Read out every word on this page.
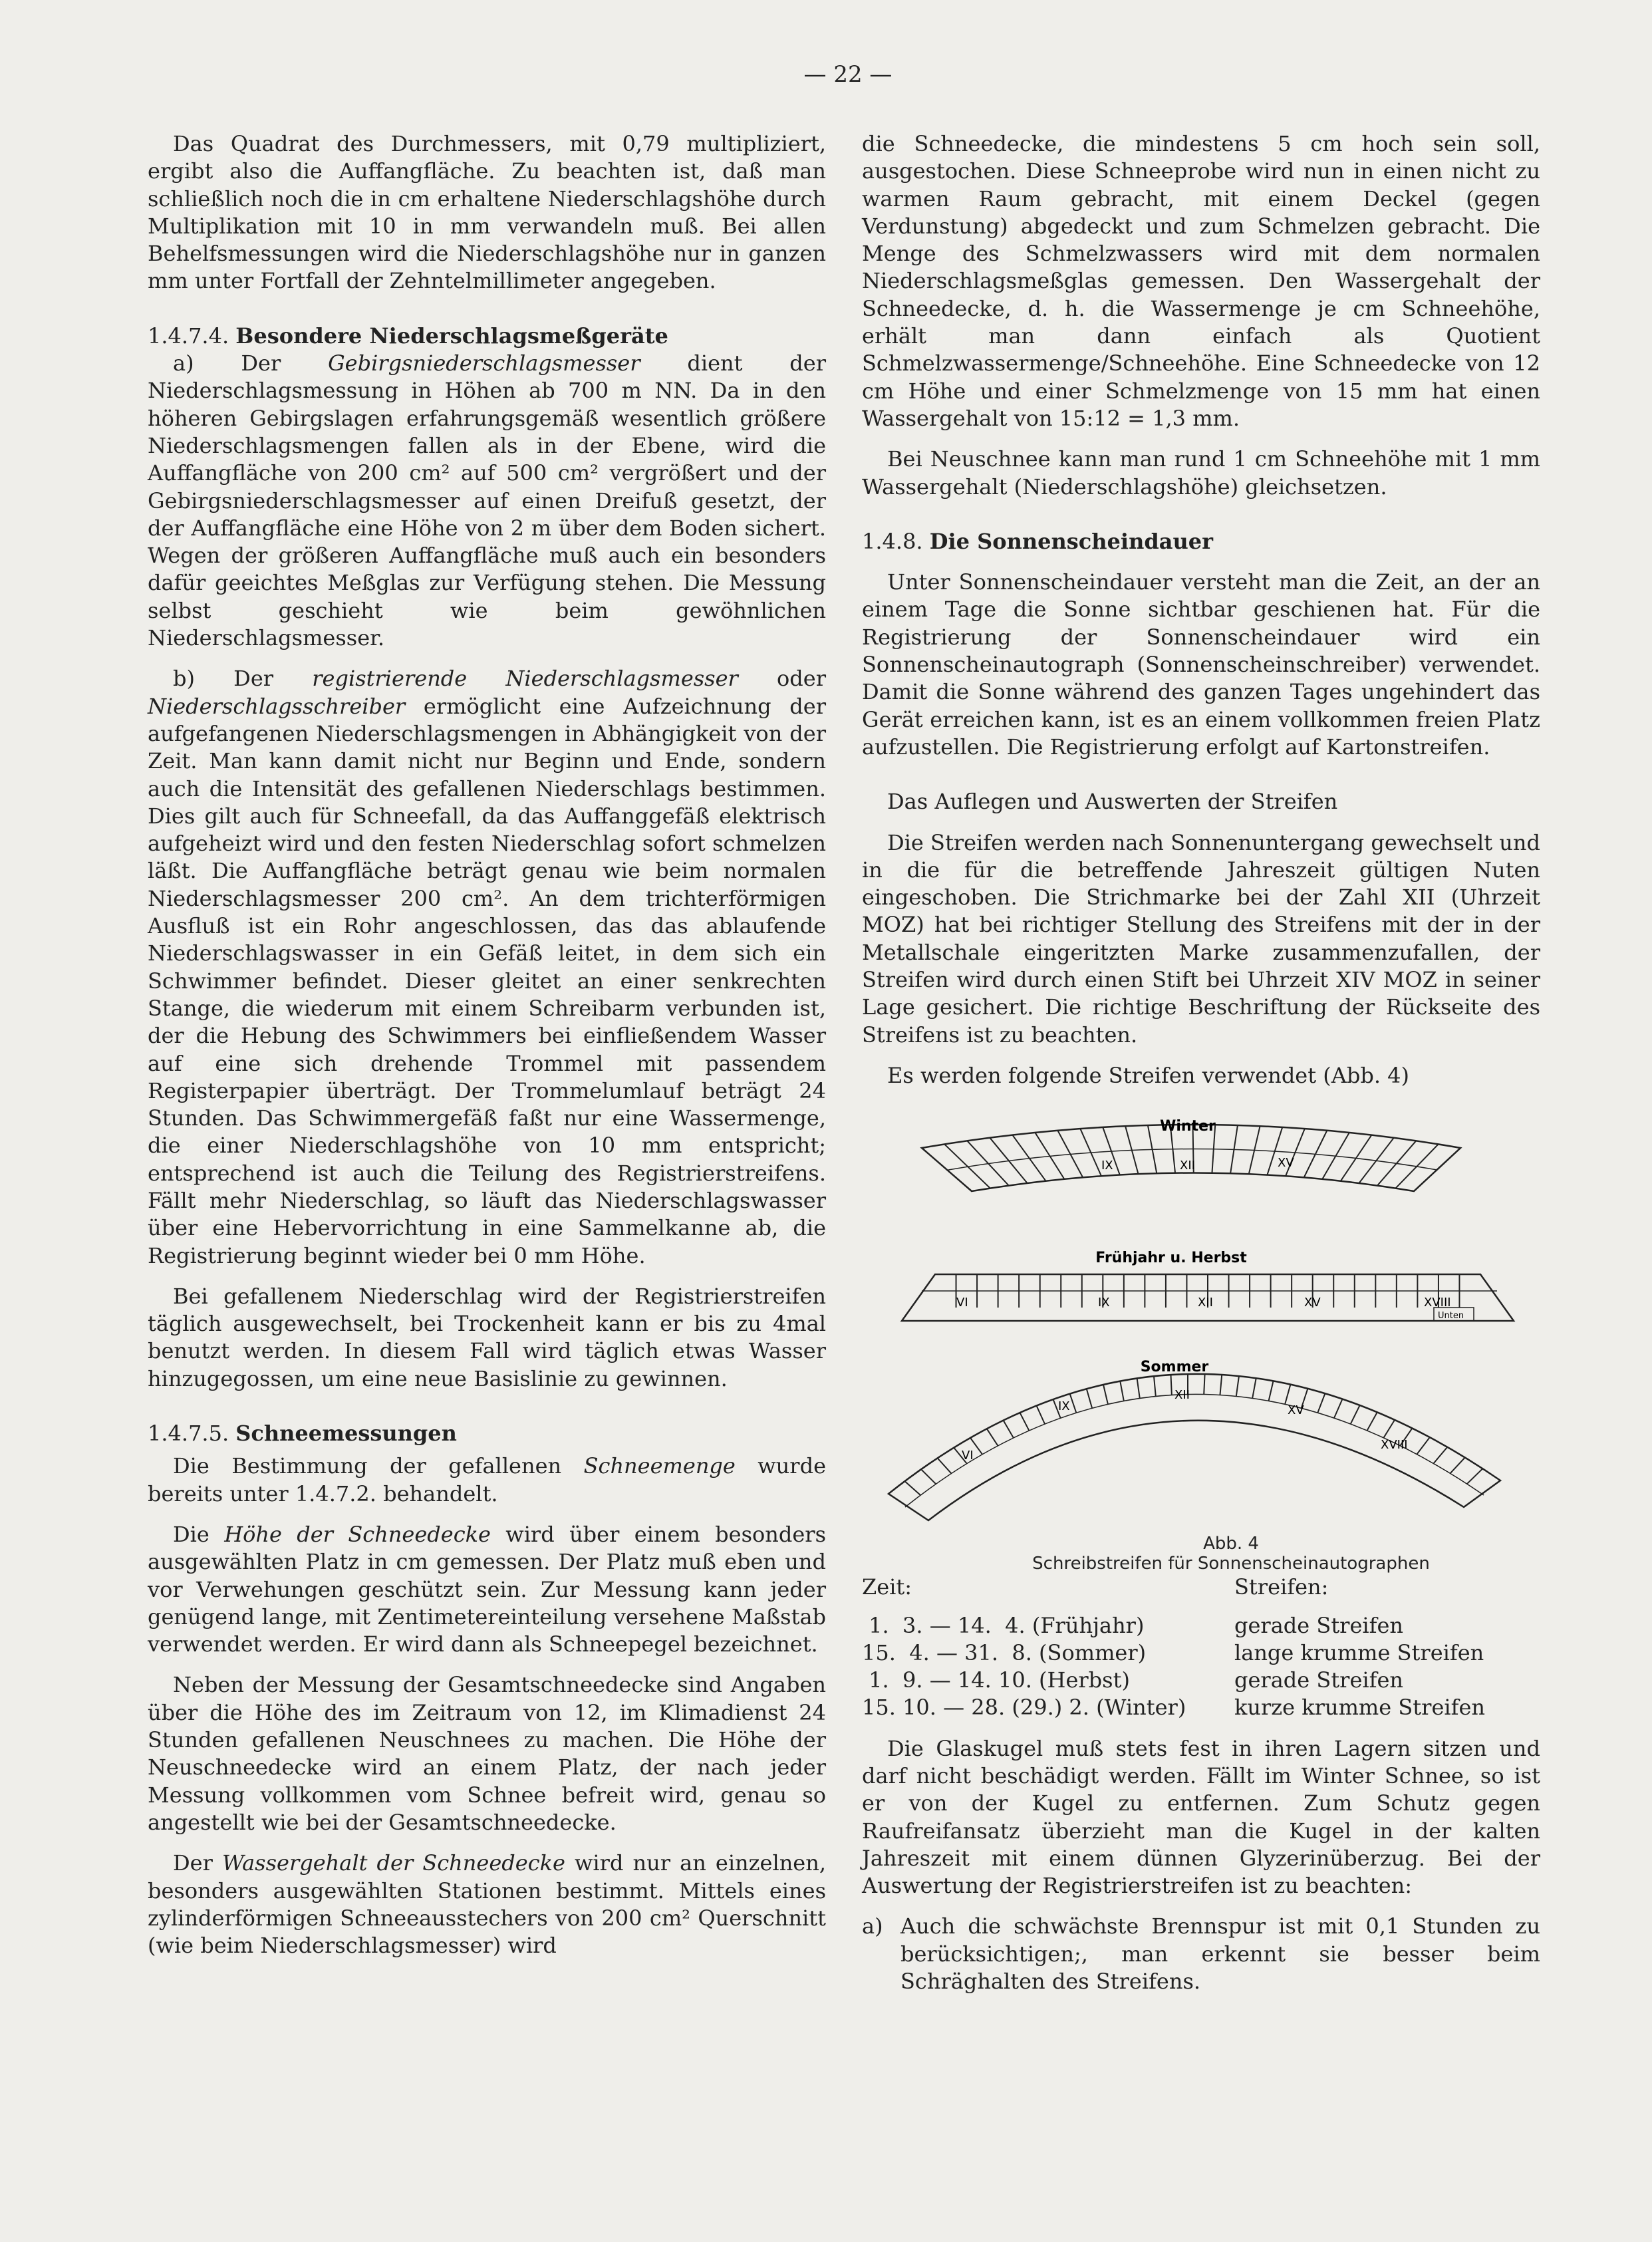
— 22 —

Das Quadrat des Durchmessers, mit 0,79 multipliziert, ergibt also die Auffangfläche. Zu beachten ist, daß man schließlich noch die in cm erhaltene Niederschlagshöhe durch Multiplikation mit 10 in mm verwandeln muß. Bei allen Behelfsmessungen wird die Niederschlagshöhe nur in ganzen mm unter Fortfall der Zehntelmillimeter angegeben.

1.4.7.4. Besondere Niederschlagsmeßgeräte

a) Der Gebirgsniederschlagsmesser dient der Niederschlagsmessung in Höhen ab 700 m NN. Da in den höheren Gebirgslagen erfahrungsgemäß wesentlich größere Niederschlagsmengen fallen als in der Ebene, wird die Auffangfläche von 200 cm² auf 500 cm² vergrößert und der Gebirgsniederschlagsmesser auf einen Dreifuß gesetzt, der der Auffangfläche eine Höhe von 2 m über dem Boden sichert. Wegen der größeren Auffangfläche muß auch ein besonders dafür geeichtes Meßglas zur Verfügung stehen. Die Messung selbst geschieht wie beim gewöhnlichen Niederschlagsmesser.

b) Der registrierende Niederschlagsmesser oder Niederschlagsschreiber ermöglicht eine Aufzeichnung der aufgefangenen Niederschlagsmengen in Abhängigkeit von der Zeit. Man kann damit nicht nur Beginn und Ende, sondern auch die Intensität des gefallenen Niederschlags bestimmen. Dies gilt auch für Schneefall, da das Auffanggefäß elektrisch aufgeheizt wird und den festen Niederschlag sofort schmelzen läßt. Die Auffangfläche beträgt genau wie beim normalen Niederschlagsmesser 200 cm². An dem trichterförmigen Ausfluß ist ein Rohr angeschlossen, das das ablaufende Niederschlagswasser in ein Gefäß leitet, in dem sich ein Schwimmer befindet. Dieser gleitet an einer senkrechten Stange, die wiederum mit einem Schreibarm verbunden ist, der die Hebung des Schwimmers bei einfließendem Wasser auf eine sich drehende Trommel mit passendem Registerpapier überträgt. Der Trommelumlauf beträgt 24 Stunden. Das Schwimmergefäß faßt nur eine Wassermenge, die einer Niederschlagshöhe von 10 mm entspricht; entsprechend ist auch die Teilung des Registrierstreifens. Fällt mehr Niederschlag, so läuft das Niederschlagswasser über eine Hebervorrichtung in eine Sammelkanne ab, die Registrierung beginnt wieder bei 0 mm Höhe.

Bei gefallenem Niederschlag wird der Registrierstreifen täglich ausgewechselt, bei Trockenheit kann er bis zu 4mal benutzt werden. In diesem Fall wird täglich etwas Wasser hinzugegossen, um eine neue Basislinie zu gewinnen.

1.4.7.5. Schneemessungen

Die Bestimmung der gefallenen Schneemenge wurde bereits unter 1.4.7.2. behandelt.

Die Höhe der Schneedecke wird über einem besonders ausgewählten Platz in cm gemessen. Der Platz muß eben und vor Verwehungen geschützt sein. Zur Messung kann jeder genügend lange, mit Zentimetereinteilung versehene Maßstab verwendet werden. Er wird dann als Schneepegel bezeichnet.

Neben der Messung der Gesamtschneedecke sind Angaben über die Höhe des im Zeitraum von 12, im Klimadienst 24 Stunden gefallenen Neuschnees zu machen. Die Höhe der Neuschneedecke wird an einem Platz, der nach jeder Messung vollkommen vom Schnee befreit wird, genau so angestellt wie bei der Gesamtschneedecke.

Der Wassergehalt der Schneedecke wird nur an einzelnen, besonders ausgewählten Stationen bestimmt. Mittels eines zylinderförmigen Schneeausstechers von 200 cm² Querschnitt (wie beim Niederschlagsmesser) wird

die Schneedecke, die mindestens 5 cm hoch sein soll, ausgestochen. Diese Schneeprobe wird nun in einen nicht zu warmen Raum gebracht, mit einem Deckel (gegen Verdunstung) abgedeckt und zum Schmelzen gebracht. Die Menge des Schmelzwassers wird mit dem normalen Niederschlagsmeßglas gemessen. Den Wassergehalt der Schneedecke, d. h. die Wassermenge je cm Schneehöhe, erhält man dann einfach als Quotient Schmelzwassermenge/Schneehöhe. Eine Schneedecke von 12 cm Höhe und einer Schmelzmenge von 15 mm hat einen Wassergehalt von 15:12 = 1,3 mm.

Bei Neuschnee kann man rund 1 cm Schneehöhe mit 1 mm Wassergehalt (Niederschlagshöhe) gleichsetzen.

1.4.8. Die Sonnenscheindauer

Unter Sonnenscheindauer versteht man die Zeit, an der an einem Tage die Sonne sichtbar geschienen hat. Für die Registrierung der Sonnenscheindauer wird ein Sonnenscheinautograph (Sonnenscheinschreiber) verwendet. Damit die Sonne während des ganzen Tages ungehindert das Gerät erreichen kann, ist es an einem vollkommen freien Platz aufzustellen. Die Registrierung erfolgt auf Kartonstreifen.

Das Auflegen und Auswerten der Streifen

Die Streifen werden nach Sonnenuntergang gewechselt und in die für die betreffende Jahreszeit gültigen Nuten eingeschoben. Die Strichmarke bei der Zahl XII (Uhrzeit MOZ) hat bei richtiger Stellung des Streifens mit der in der Metallschale eingeritzten Marke zusammenzufallen, der Streifen wird durch einen Stift bei Uhrzeit XIV MOZ in seiner Lage gesichert. Die richtige Beschriftung der Rückseite des Streifens ist zu beachten.

Es werden folgende Streifen verwendet (Abb. 4)

Winter
IX	XII	XV
Frühjahr u. Herbst
VI	IX	XII	XV	XVIII
Unten
Sommer
VI
IX
XII
XV
XVIII
Abb. 4
Schreibstreifen für Sonnenscheinautographen
Zeit:	Streifen:

1.  3. — 14.  4. (Frühjahr)	gerade Streifen
15.  4. — 31.  8. (Sommer)	lange krumme Streifen
1.  9. — 14. 10. (Herbst)	gerade Streifen
15. 10. — 28. (29.) 2. (Winter)	kurze krumme Streifen

Die Glaskugel muß stets fest in ihren Lagern sitzen und darf nicht beschädigt werden. Fällt im Winter Schnee, so ist er von der Kugel zu entfernen. Zum Schutz gegen Raufreifansatz überzieht man die Kugel in der kalten Jahreszeit mit einem dünnen Glyzerinüberzug. Bei der Auswertung der Registrierstreifen ist zu beachten:

a) Auch die schwächste Brennspur ist mit 0,1 Stunden zu berücksichtigen;, man erkennt sie besser beim Schräghalten des Streifens.
